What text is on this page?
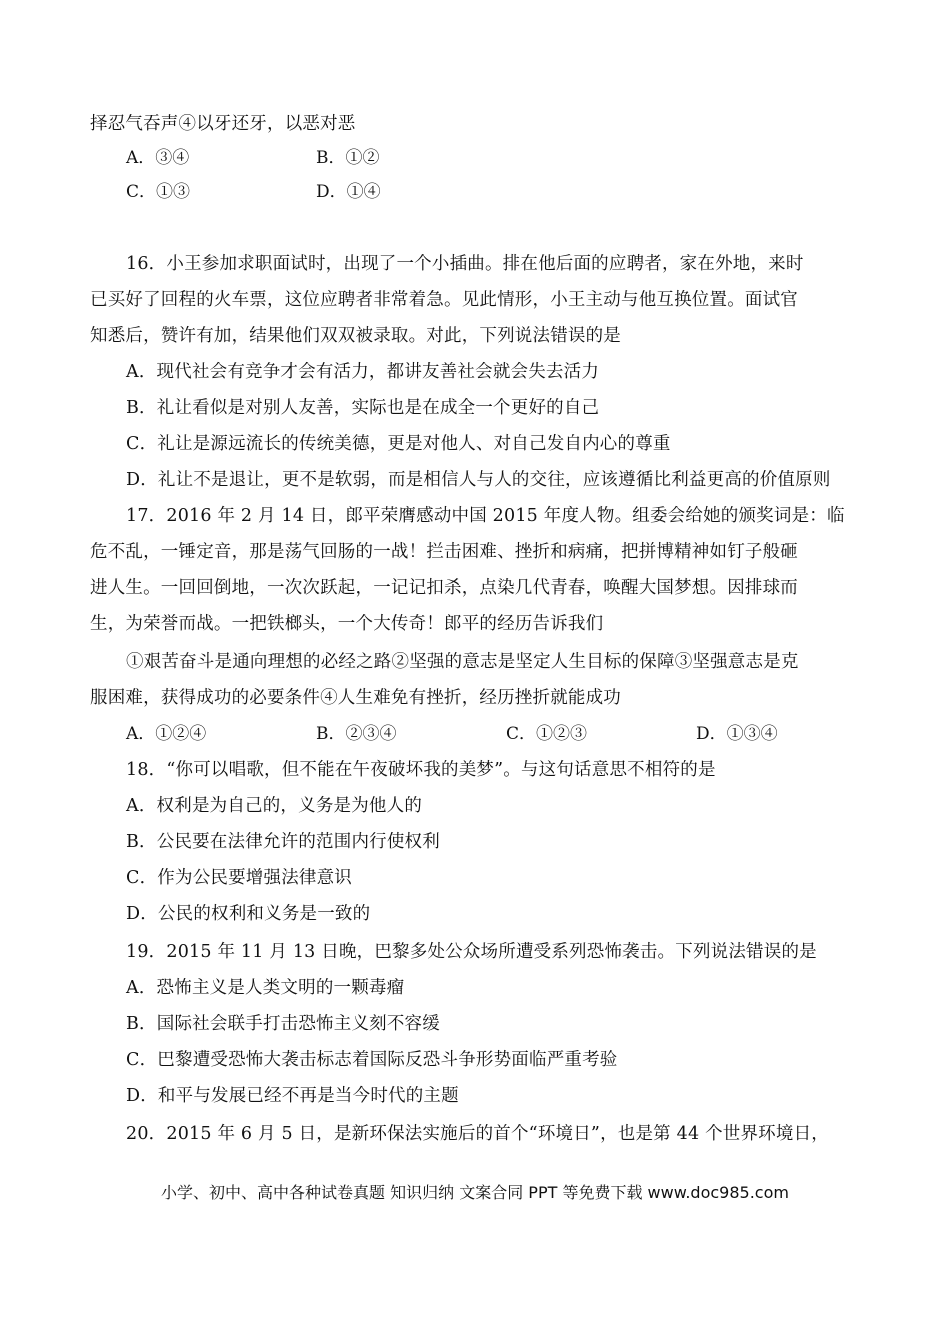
择忍气吞声④以牙还牙，以恶对恶
A．③④	B．①②
C．①③	D．①④
16．小王参加求职面试时，出现了一个小插曲。排在他后面的应聘者，家在外地，来时
已买好了回程的火车票，这位应聘者非常着急。见此情形，小王主动与他互换位置。面试官
知悉后，赞许有加，结果他们双双被录取。对此，下列说法错误的是
A．现代社会有竞争才会有活力，都讲友善社会就会失去活力
B．礼让看似是对别人友善，实际也是在成全一个更好的自己
C．礼让是源远流长的传统美德，更是对他人、对自己发自内心的尊重
D．礼让不是退让，更不是软弱，而是相信人与人的交往，应该遵循比利益更高的价值原则
17．2016 年 2 月 14 日，郎平荣膺感动中国 2015 年度人物。组委会给她的颁奖词是：临
危不乱，一锤定音，那是荡气回肠的一战！拦击困难、挫折和病痛，把拼博精神如钉子般砸
进人生。一回回倒地，一次次跃起，一记记扣杀，点染几代青春，唤醒大国梦想。因排球而
生，为荣誉而战。一把铁榔头，一个大传奇！郎平的经历告诉我们
①艰苦奋斗是通向理想的必经之路②坚强的意志是坚定人生目标的保障③坚强意志是克
服困难，获得成功的必要条件④人生难免有挫折，经历挫折就能成功
A．①②④	B．②③④	C．①②③	D．①③④
18．“你可以唱歌，但不能在午夜破坏我的美梦”。与这句话意思不相符的是
A．权利是为自己的，义务是为他人的
B．公民要在法律允许的范围内行使权利
C．作为公民要增强法律意识
D．公民的权利和义务是一致的
19．2015 年 11 月 13 日晚，巴黎多处公众场所遭受系列恐怖袭击。下列说法错误的是
A．恐怖主义是人类文明的一颗毒瘤
B．国际社会联手打击恐怖主义刻不容缓
C．巴黎遭受恐怖大袭击标志着国际反恐斗争形势面临严重考验
D．和平与发展已经不再是当今时代的主题
20．2015 年 6 月 5 日，是新环保法实施后的首个“环境日”，也是第 44 个世界环境日，
小学、初中、高中各种试卷真题 知识归纳 文案合同 PPT 等免费下载 www.doc985.com
